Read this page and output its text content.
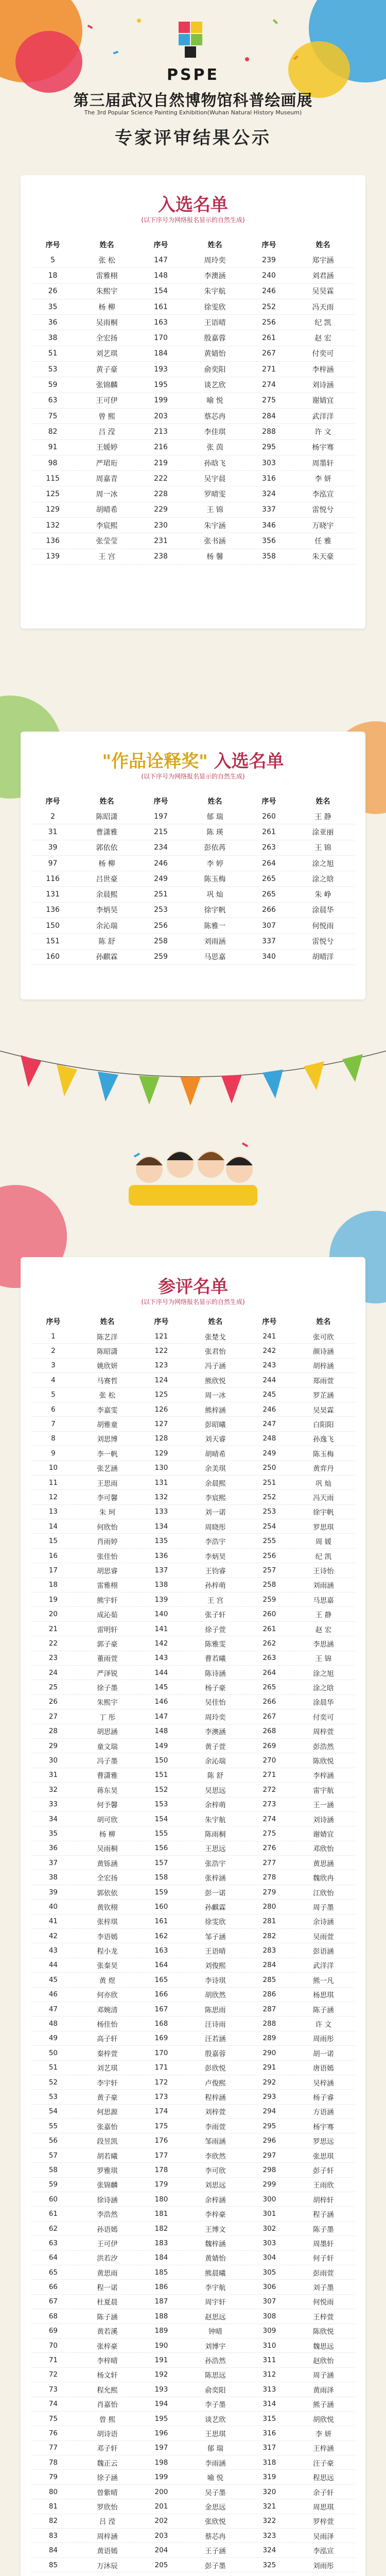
PSPE
第三届武汉自然博物馆科普绘画展
The 3rd Popular Science Painting Exhibition(Wuhan Natural History Museum)
专家评审结果公示
入选名单
(以下序号为网络报名显示的自然生成)
序号	姓名	序号	姓名	序号	姓名
5	张 松	147	周玲奕	239	郑宇涵
18	雷雅栩	148	李澳涵	240	刘君涵
26	朱熙宇	154	朱宇航	246	吴昊霖
35	杨 柳	161	徐雯欣	252	冯天雨
36	吴雨桐	163	王语晴	256	纪 凯
38	全宏扬	170	殷嘉蓉	261	赵 宏
51	刘艺琪	184	黄婧怡	267	付奕可
53	黄子豪	193	俞奕阳	271	李梓涵
59	张锦麟	195	谈艺欣	274	刘诗涵
63	王可伊	199	喻 悦	275	谢婧宜
75	曾 熙	203	蔡芯冉	284	武洋洋
82	吕 滢	213	李佳琪	288	许 文
91	王媛婷	216	张 茵	295	杨宇骞
98	严珺珩	219	孙晗飞	303	周墨轩
115	周嘉青	222	吴宇晨	316	李 妍
125	周一冰	228	罗晴雯	324	李泓宣
129	胡晴希	229	王 锦	337	雷悦兮
132	李宸熙	230	朱宇涵	346	万晓宇
136	张莹莹	231	张书涵	356	任 雅
139	王 宫	238	杨 馨	358	朱天豪
"作品诠释奖" 入选名单
(以下序号为网络报名显示的自然生成)
序号	姓名	序号	姓名	序号	姓名
2	陈昭潇	197	郁 瑞	260	王 静
31	曹潇雅	215	陈 瑛	261	涂亚丽
39	郭依依	234	彭依苒	263	王 锦
97	杨 柳	246	李 婷	264	涂之旭
116	吕世豪	249	陈玉梅	265	涂之晗
131	余晨熙	251	巩 灿	265	朱 峥
136	李炳昊	253	徐宇帆	266	涂晨华
150	余沁瑞	256	陈雅一	307	何悦雨
151	陈 舒	258	刘雨涵	337	雷悦兮
160	孙麒霖	259	马思嘉	340	胡晴洋
参评名单
(以下序号为网络报名显示的自然生成)
序号	姓名	序号	姓名	序号	姓名
1	陈艺洋	121	张楚戈	241	张可欣
2	陈昭潇	122	张君怡	242	颜诗涵
3	姚欣妍	123	冯子涵	243	胡梓涵
4	马赛哲	124	熊欣悦	244	郑雨萱
5	张 松	125	周一冰	245	罗芷涵
6	李嘉雯	126	熊梓涵	246	吴昊霖
7	胡雅童	127	彭昭曦	247	白阳阳
8	刘思博	128	刘天睿	248	孙逸飞
9	李一帆	129	胡晴希	249	陈玉梅
10	张艺涵	130	余美琪	250	黄弈丹
11	王思雨	131	余晨熙	251	巩 灿
12	李可馨	132	李宸熙	252	冯天雨
13	朱 珂	133	刘一诺	253	徐宇帆
14	何欣怡	134	周晓彤	254	罗思琪
15	肖雨婷	135	李浩宇	255	周 媛
16	张佳怡	136	李炳昊	256	纪 凯
17	胡思睿	137	王钧睿	257	王诗怡
18	雷雅栩	138	孙梓萌	258	刘雨涵
19	熊宇轩	139	王 宫	259	马思嘉
20	成沁茹	140	张子轩	260	王 静
21	雷明轩	141	徐子萱	261	赵 宏
22	郭子豪	142	陈雅雯	262	李思涵
23	董雨萱	143	曹若曦	263	王 锦
24	严泽锐	144	陈诗涵	264	涂之旭
25	徐子墨	145	杨子豪	265	涂之晗
26	朱熙宇	146	吴佳怡	266	涂晨华
27	丁 彤	147	周玲奕	267	付奕可
28	胡思涵	148	李澳涵	268	周梓萱
29	童文瑞	149	黄子萱	269	彭浩然
30	冯子墨	150	余沁瑞	270	陈欣悦
31	曹潇雅	151	陈 舒	271	李梓涵
32	蒋东昊	152	吴思远	272	雷宇航
33	何予馨	153	余梓萌	273	王一涵
34	胡可欣	154	朱宇航	274	刘诗涵
35	杨 柳	155	陈雨桐	275	谢婧宜
36	吴雨桐	156	王思远	276	邓欣怡
37	黄铄涵	157	张浩宇	277	黄思涵
38	全宏扬	158	张梓涵	278	魏欣冉
39	郭依依	159	彭一诺	279	江欣怡
40	黄钦栩	160	孙麒霖	280	周子墨
41	张梓琪	161	徐雯欣	281	余诗涵
42	李语嫣	162	邹子涵	282	吴雨萱
43	程小龙	163	王语晴	283	彭语涵
44	张秦昊	164	刘俊熙	284	武洋洋
45	黄 煜	165	李诗琪	285	熊一凡
46	何亦欣	166	胡欣然	286	杨思琪
47	邓婉清	167	陈思雨	287	陈子涵
48	杨佳怡	168	汪诗雨	288	许 文
49	高子轩	169	汪若涵	289	周雨彤
50	秦梓萱	170	殷嘉蓉	290	胡一诺
51	刘艺琪	171	彭欣悦	291	唐语嫣
52	李宇轩	172	卢俊熙	292	吴梓涵
53	黄子豪	173	程梓涵	293	杨子睿
54	何思源	174	刘梓萱	294	方语涵
55	张嘉怡	175	李雨萱	295	杨宇骞
56	段昱凯	176	邹雨涵	296	罗思远
57	胡若曦	177	李欣然	297	张思琪
58	罗雅琪	178	李可欣	298	彭子轩
59	张锦麟	179	刘思远	299	王雨欣
60	徐诗涵	180	余梓涵	300	胡梓轩
61	李浩然	181	李梓豪	301	程子涵
62	孙语嫣	182	王博文	302	陈子墨
63	王可伊	183	魏梓涵	303	周墨轩
64	洪若汐	184	黄婧怡	304	何子轩
65	黄思雨	185	熊晨曦	305	彭雨萱
66	程一诺	186	李宇航	306	刘子墨
67	杜夏晨	187	周宇轩	307	何悦雨
68	陈子涵	188	赵思远	308	王梓萱
69	黄若溪	189	钟晴	309	陈欣悦
70	张梓豪	190	刘博宇	310	魏思远
71	李梓晴	191	孙浩然	311	赵欣怡
72	杨文轩	192	陈思远	312	周子涵
73	程允熙	193	俞奕阳	313	黄雨泽
74	肖嘉怡	194	李子墨	314	熊子涵
75	曾 熙	195	谈艺欣	315	胡欣悦
76	胡诗语	196	王思琪	316	李 妍
77	邓子轩	197	郁 瑞	317	王梓涵
78	魏正云	198	李雨涵	318	汪子豪
79	徐子涵	199	喻 悦	319	程思远
80	曾紫晴	200	吴子墨	320	余子轩
81	罗欣怡	201	金思远	321	周思琪
82	吕 滢	202	张欣悦	322	罗梓萱
83	周梓涵	203	蔡芯冉	323	吴雨泽
84	黄语嫣	204	王子涵	324	李泓宣
85	万沐辰	205	彭子墨	325	刘雨彤
